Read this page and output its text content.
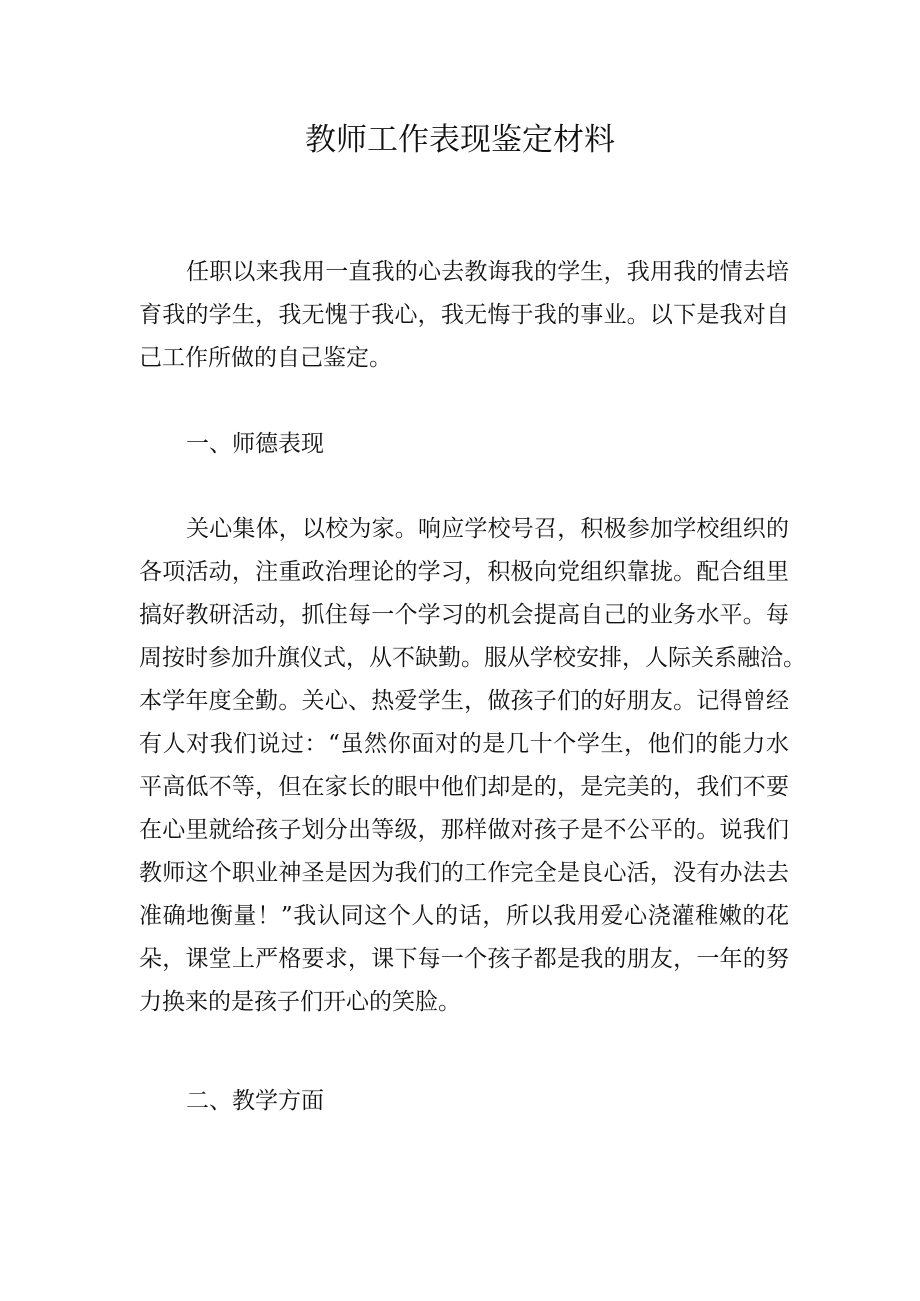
教师工作表现鉴定材料

任职以来我用一直我的心去教诲我的学生，我用我的情去培
育我的学生，我无愧于我心，我无悔于我的事业。以下是我对自
己工作所做的自己鉴定。

一、师德表现

关心集体，以校为家。响应学校号召，积极参加学校组织的
各项活动，注重政治理论的学习，积极向党组织靠拢。配合组里
搞好教研活动，抓住每一个学习的机会提高自己的业务水平。每
周按时参加升旗仪式，从不缺勤。服从学校安排，人际关系融洽。
本学年度全勤。关心、热爱学生，做孩子们的好朋友。记得曾经
有人对我们说过：“虽然你面对的是几十个学生，他们的能力水
平高低不等，但在家长的眼中他们却是的，是完美的，我们不要
在心里就给孩子划分出等级，那样做对孩子是不公平的。说我们
教师这个职业神圣是因为我们的工作完全是良心活，没有办法去
准确地衡量！”我认同这个人的话，所以我用爱心浇灌稚嫩的花
朵，课堂上严格要求，课下每一个孩子都是我的朋友，一年的努
力换来的是孩子们开心的笑脸。

二、教学方面
